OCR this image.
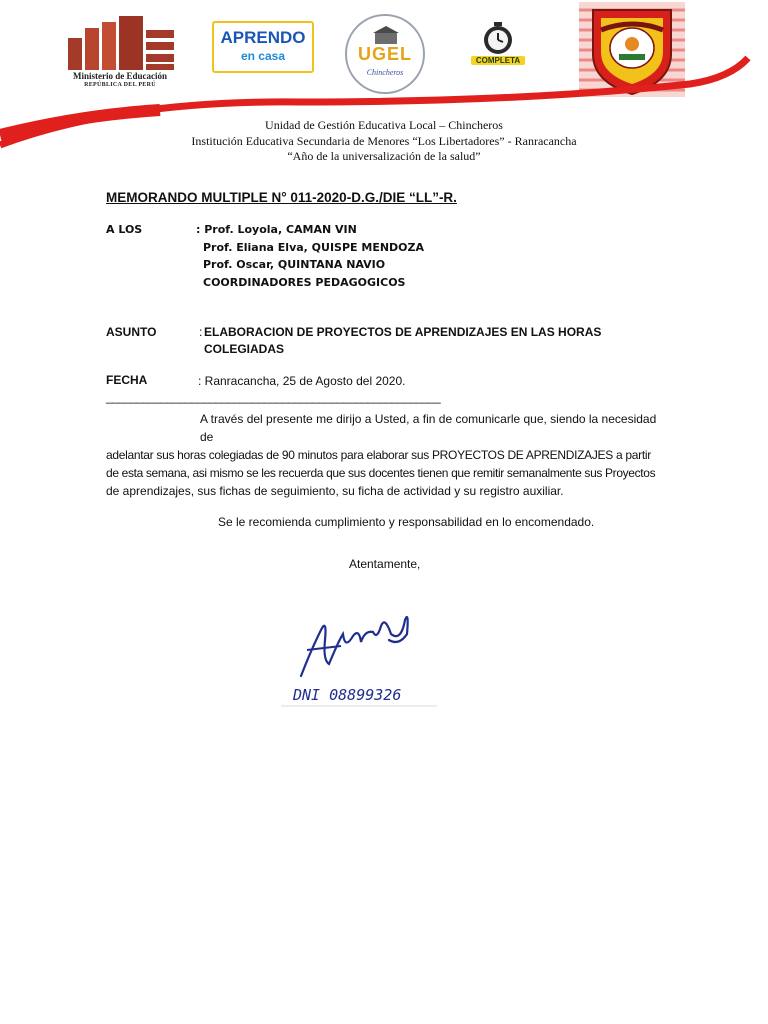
Ministerio de Educación
REPÚBLICA DEL PERÚ
APRENDO
en casa	UGEL
Chincheros
COMPLETA
Unidad de Gestión Educativa Local – Chincheros
Institución Educativa Secundaria de Menores “Los Libertadores” - Ranracancha
“Año de la universalización de la salud”
MEMORANDO MULTIPLE N° 011-2020-D.G./DIE “LL”-R.
A LOS	: Prof. Loyola, CAMAN VIN
Prof. Eliana Elva, QUISPE MENDOZA
Prof. Oscar, QUINTANA NAVIO
COORDINADORES PEDAGOGICOS
ASUNTO	: ELABORACION DE PROYECTOS DE APRENDIZAJES EN LAS HORAS
COLEGIADAS
FECHA	: Ranracancha, 25 de Agosto del 2020.
_______________________________________________________
A través del presente me dirijo a Usted, a fin de comunicarle que, siendo la necesidad de
adelantar sus horas colegiadas de 90 minutos para elaborar sus PROYECTOS DE APRENDIZAJES a partir
de esta semana, asi mismo se les recuerda que sus docentes tienen que remitir semanalmente sus Proyectos
de aprendizajes, sus fichas de seguimiento, su ficha de actividad y su registro auxiliar.
Se le recomienda cumplimiento y responsabilidad en lo encomendado.
Atentamente,
DNI 08899326
